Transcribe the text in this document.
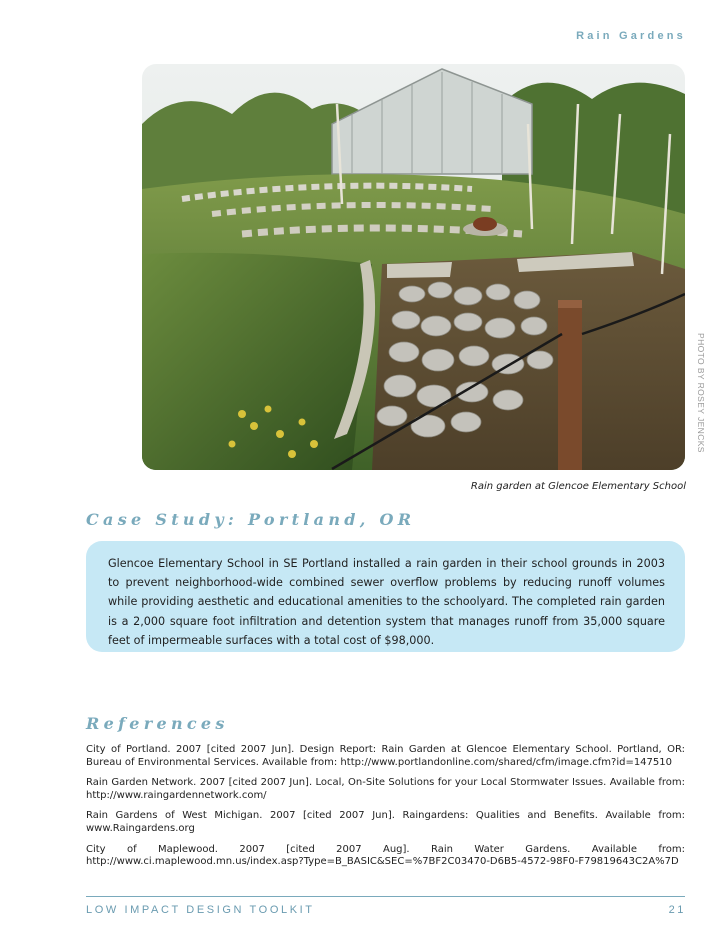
Rain Gardens
PHOTO BY ROSEY JENCKS
Rain garden at Glencoe Elementary School
Case Study: Portland, OR

Glencoe Elementary School in SE Portland installed a rain garden in their school grounds in 2003 to prevent neighborhood-wide combined sewer overflow problems by reducing runoff volumes while providing aesthetic and educational amenities to the schoolyard. The completed rain garden is a 2,000 square foot infiltration and detention system that manages runoff from 35,000 square feet of impermeable surfaces with a total cost of $98,000.

References

City of Portland. 2007 [cited 2007 Jun]. Design Report: Rain Garden at Glencoe Elementary School. Portland, OR: Bureau of Environmental Services. Available from: http://www.portlandonline.com/shared/cfm/image.cfm?id=147510

Rain Garden Network. 2007 [cited 2007 Jun]. Local, On-Site Solutions for your Local Stormwater Issues. Available from: http://www.raingardennetwork.com/

Rain Gardens of West Michigan. 2007 [cited 2007 Jun]. Raingardens: Qualities and Benefits. Available from: www.Raingardens.org

City of Maplewood. 2007 [cited 2007 Aug]. Rain Water Gardens. Available from: http://www.ci.maplewood.mn.us/index.asp?Type=B_BASIC&SEC=%7BF2C03470-D6B5-4572-98F0-F79819643C2A%7D

LOW IMPACT DESIGN TOOLKIT	21
